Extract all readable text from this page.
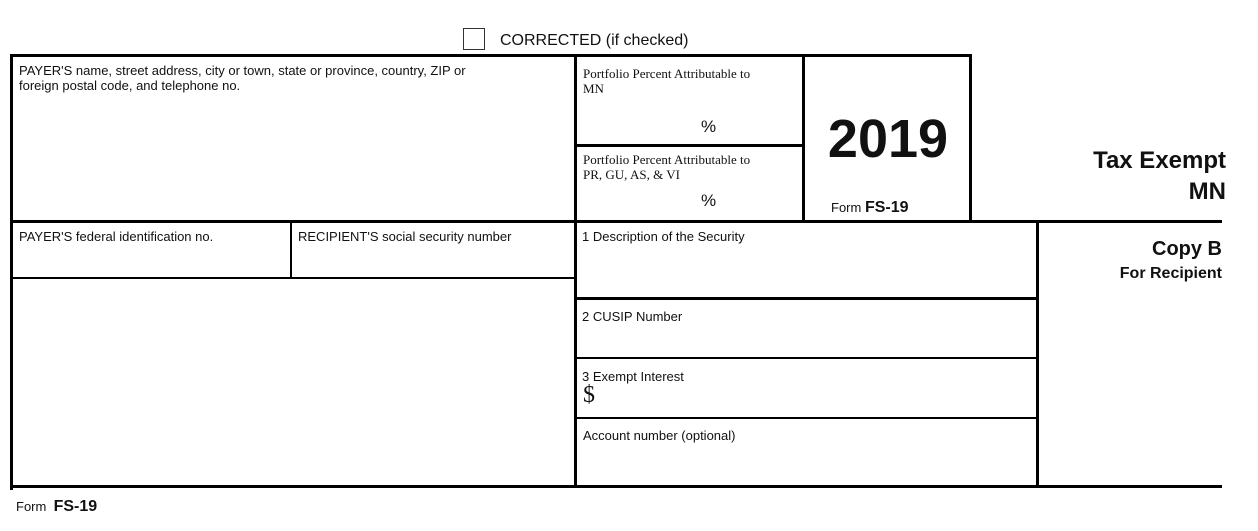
CORRECTED (if checked)
PAYER'S name, street address, city or town, state or province, country, ZIP or
foreign postal code, and telephone no.
Portfolio Percent Attributable to
MN
%
Portfolio Percent Attributable to
PR, GU, AS, & VI
%
2019
Form FS-19
Tax Exempt
MN
PAYER'S federal identification no.	RECIPIENT'S social security number	1 Description of the Security
2 CUSIP Number
3 Exempt Interest
$
Account number (optional)
Copy B
For Recipient
Form FS-19
